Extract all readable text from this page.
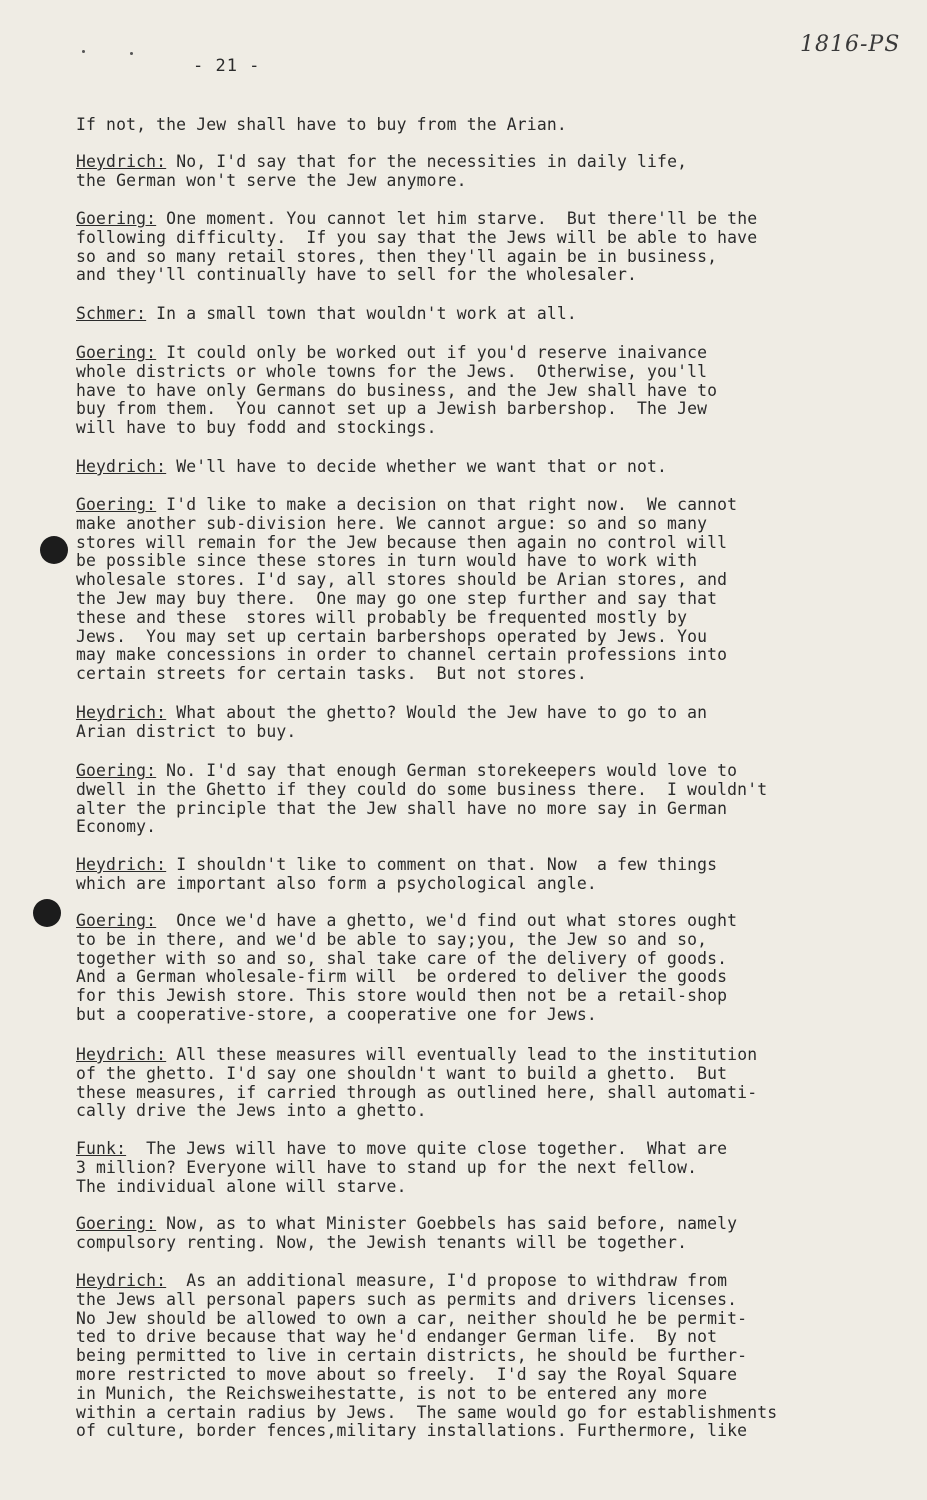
- 21 -
1816-PS
If not, the Jew shall have to buy from the Arian.
Heydrich: No, I'd say that for the necessities in daily life,
the German won't serve the Jew anymore.
Goering: One moment. You cannot let him starve.  But there'll be the
following difficulty.  If you say that the Jews will be able to have
so and so many retail stores, then they'll again be in business,
and they'll continually have to sell for the wholesaler.
Schmer: In a small town that wouldn't work at all.
Goering: It could only be worked out if you'd reserve inaivance
whole districts or whole towns for the Jews.  Otherwise, you'll
have to have only Germans do business, and the Jew shall have to
buy from them.  You cannot set up a Jewish barbershop.  The Jew
will have to buy fodd and stockings.
Heydrich: We'll have to decide whether we want that or not.
Goering: I'd like to make a decision on that right now.  We cannot
make another sub-division here. We cannot argue: so and so many
stores will remain for the Jew because then again no control will
be possible since these stores in turn would have to work with
wholesale stores. I'd say, all stores should be Arian stores, and
the Jew may buy there.  One may go one step further and say that
these and these  stores will probably be frequented mostly by
Jews.  You may set up certain barbershops operated by Jews. You
may make concessions in order to channel certain professions into
certain streets for certain tasks.  But not stores.
Heydrich: What about the ghetto? Would the Jew have to go to an
Arian district to buy.
Goering: No. I'd say that enough German storekeepers would love to
dwell in the Ghetto if they could do some business there.  I wouldn't
alter the principle that the Jew shall have no more say in German
Economy.
Heydrich: I shouldn't like to comment on that. Now  a few things
which are important also form a psychological angle.
Goering:  Once we'd have a ghetto, we'd find out what stores ought
to be in there, and we'd be able to say;you, the Jew so and so,
together with so and so, shal take care of the delivery of goods.
And a German wholesale-firm will  be ordered to deliver the goods
for this Jewish store. This store would then not be a retail-shop
but a cooperative-store, a cooperative one for Jews.
Heydrich: All these measures will eventually lead to the institution
of the ghetto. I'd say one shouldn't want to build a ghetto.  But
these measures, if carried through as outlined here, shall automati-
cally drive the Jews into a ghetto.
Funk:  The Jews will have to move quite close together.  What are
3 million? Everyone will have to stand up for the next fellow.
The individual alone will starve.
Goering: Now, as to what Minister Goebbels has said before, namely
compulsory renting. Now, the Jewish tenants will be together.
Heydrich:  As an additional measure, I'd propose to withdraw from
the Jews all personal papers such as permits and drivers licenses.
No Jew should be allowed to own a car, neither should he be permit-
ted to drive because that way he'd endanger German life.  By not
being permitted to live in certain districts, he should be further-
more restricted to move about so freely.  I'd say the Royal Square
in Munich, the Reichsweihestatte, is not to be entered any more
within a certain radius by Jews.  The same would go for establishments
of culture, border fences,military installations. Furthermore, like
